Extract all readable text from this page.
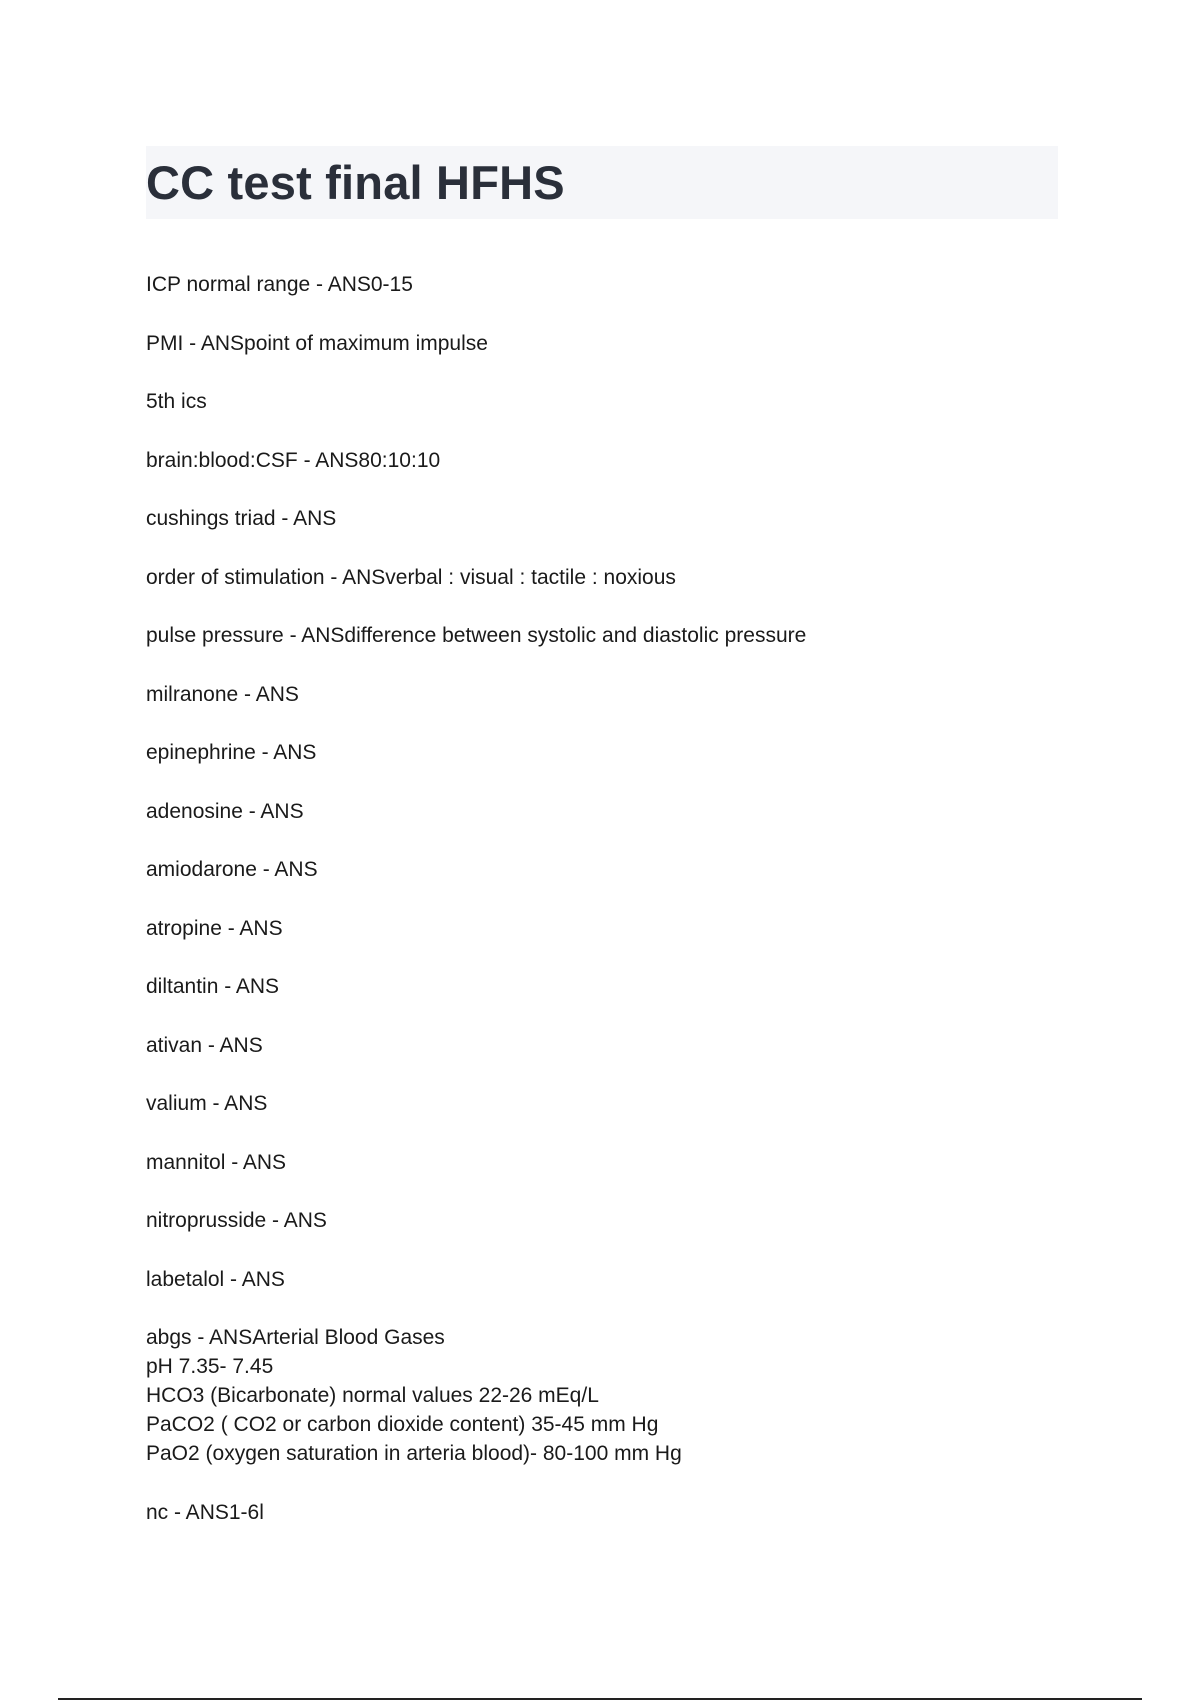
CC test final HFHS
ICP normal range - ANS0-15
PMI - ANSpoint of maximum impulse
5th ics
brain:blood:CSF - ANS80:10:10
cushings triad - ANS
order of stimulation - ANSverbal : visual : tactile : noxious
pulse pressure - ANSdifference between systolic and diastolic pressure
milranone - ANS
epinephrine - ANS
adenosine - ANS
amiodarone - ANS
atropine - ANS
diltantin - ANS
ativan - ANS
valium - ANS
mannitol - ANS
nitroprusside - ANS
labetalol - ANS
abgs - ANSArterial Blood Gases
pH 7.35- 7.45
HCO3 (Bicarbonate) normal values 22-26 mEq/L
PaCO2 ( CO2 or carbon dioxide content) 35-45 mm Hg
PaO2 (oxygen saturation in arteria blood)- 80-100 mm Hg
nc - ANS1-6l
